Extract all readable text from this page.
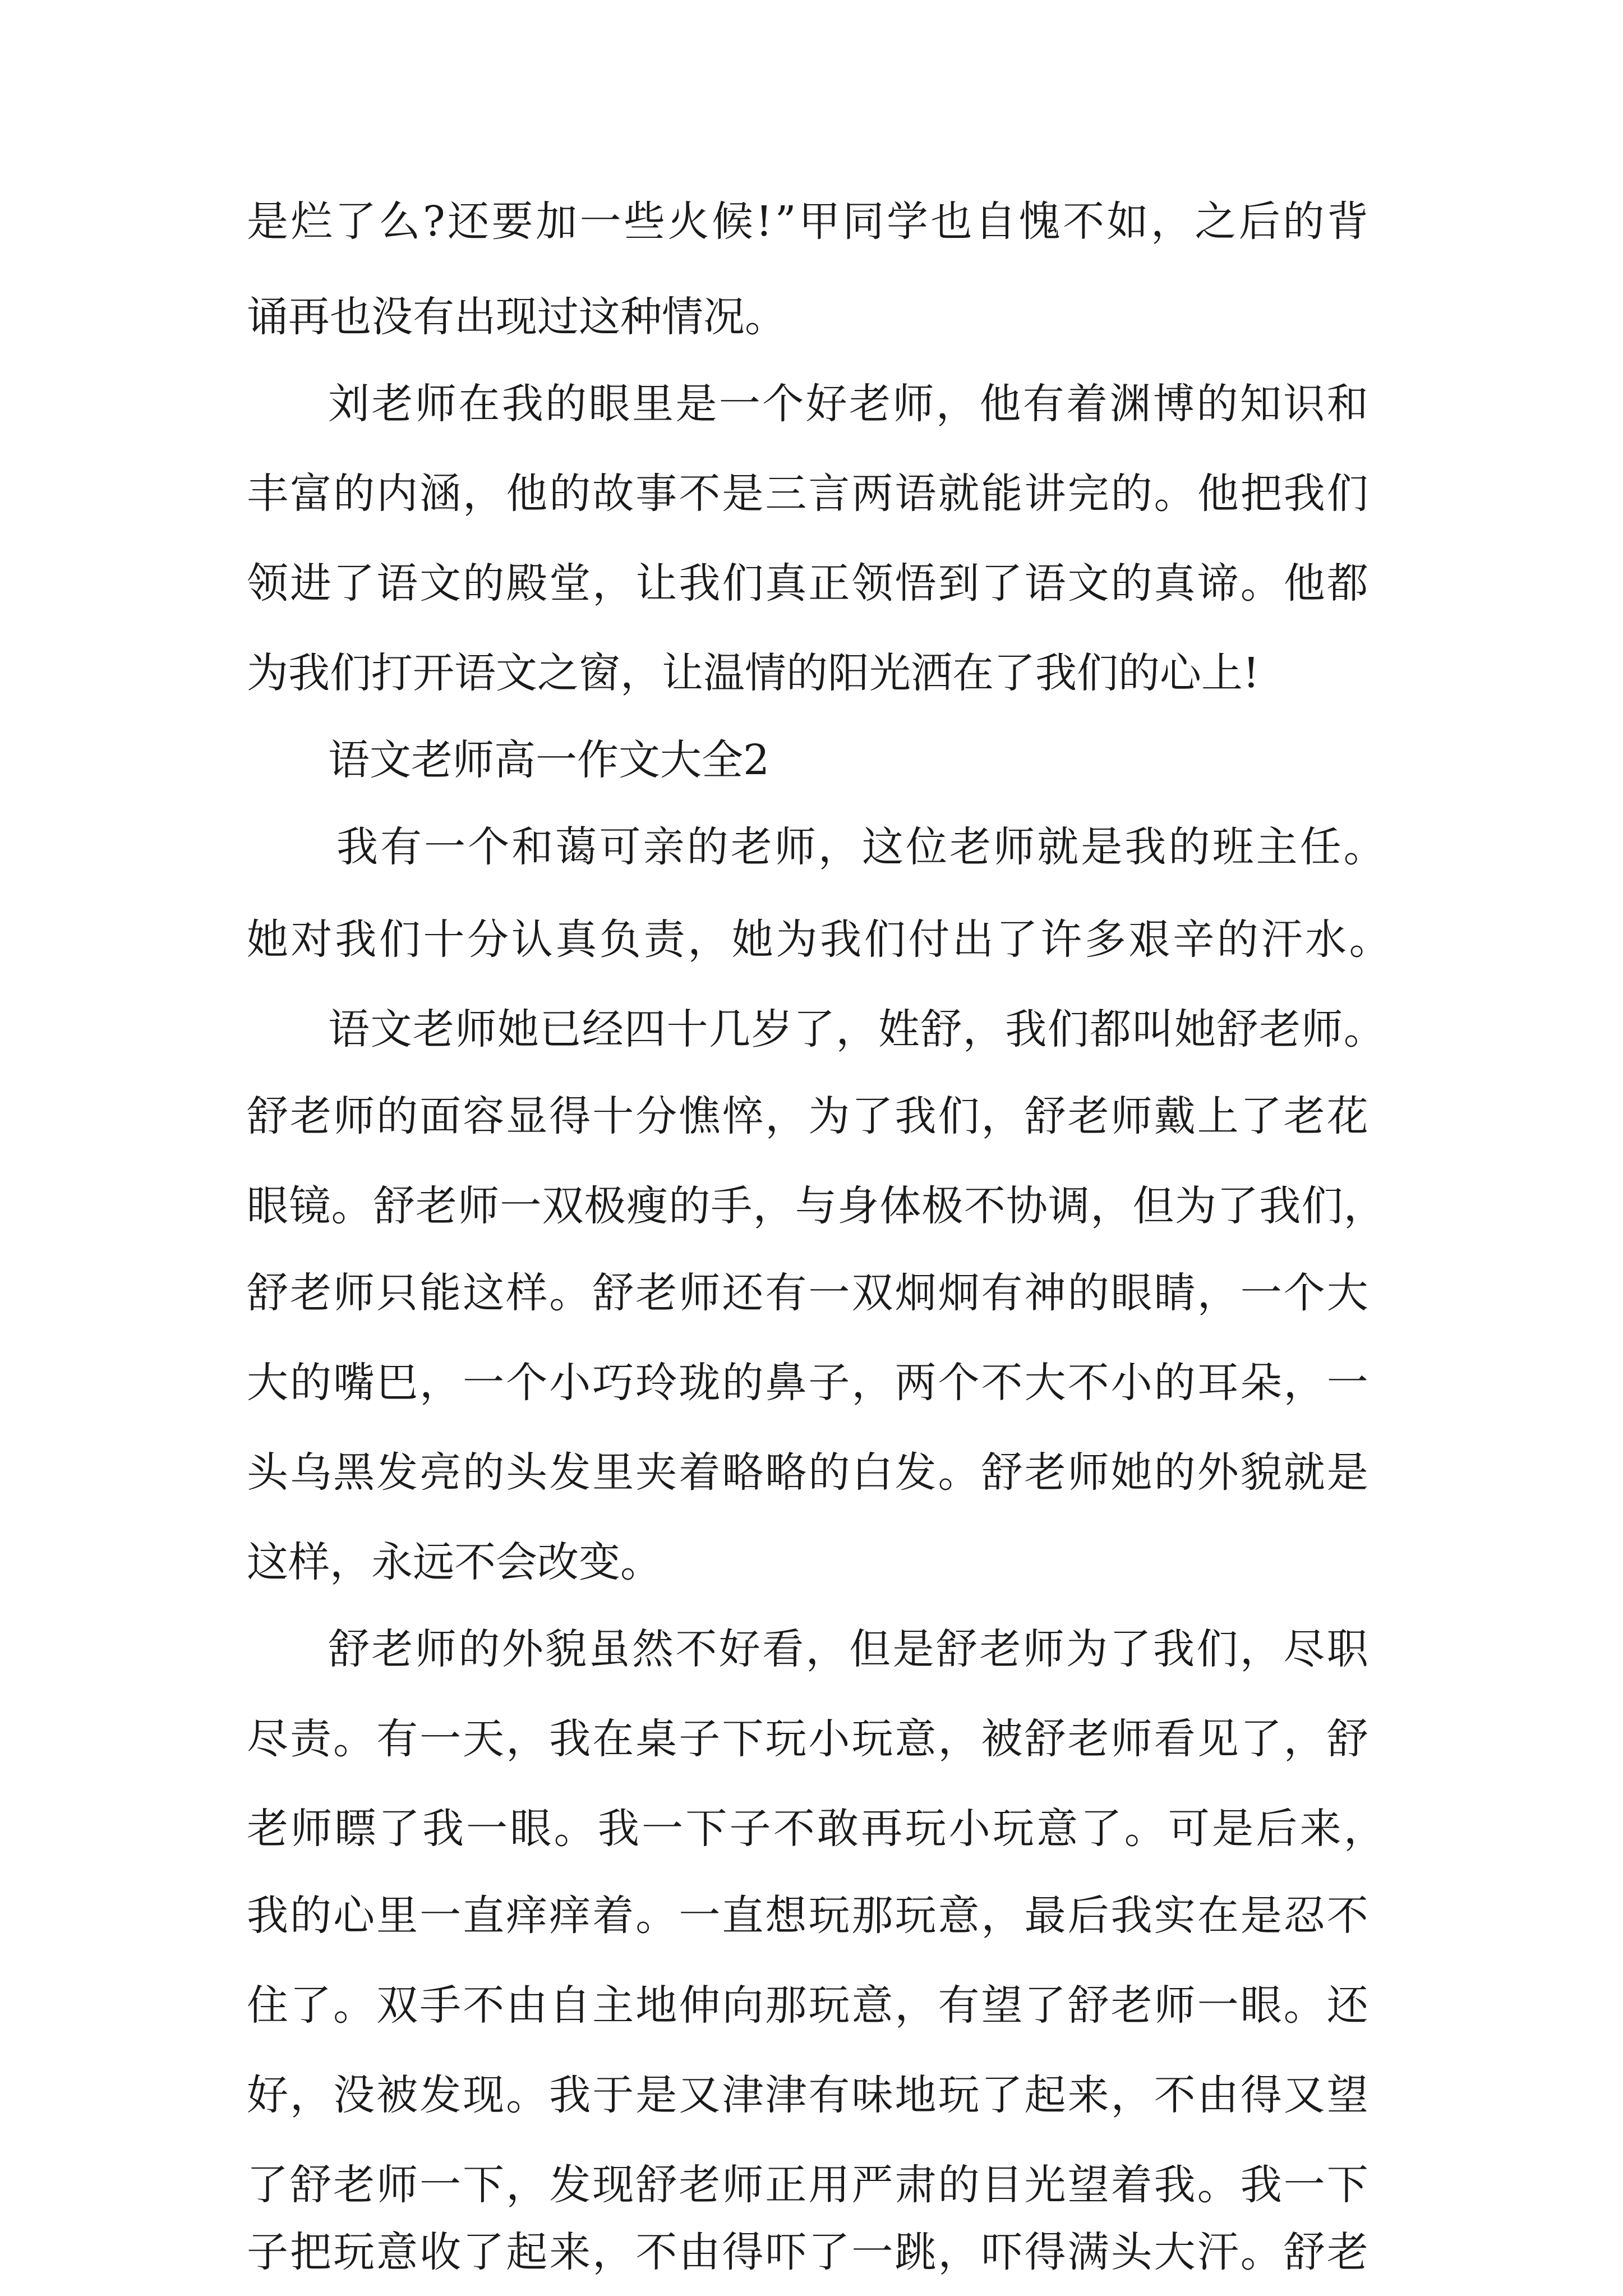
是 烂 了 么 ? 还 要 加 一 些 火 候 ! ” 甲 同 学 也 自 愧 不 如 ， 之 后 的 背
诵再也没有出现过这种情况。
刘 老 师 在 我 的 眼 里 是 一 个 好 老 师 ， 他 有 着 渊 博 的 知 识 和
丰 富 的 内 涵 ， 他 的 故 事 不 是 三 言 两 语 就 能 讲 完 的 。 他 把 我 们
领 进 了 语 文 的 殿 堂 ， 让 我 们 真 正 领 悟 到 了 语 文 的 真 谛 。 他 都
为我们打开语文之窗，让温情的阳光洒在了我们的心上!
语文老师高一作文大全2
我 有 一 个 和 蔼 可 亲 的 老 师 ， 这 位 老 师 就 是 我 的 班 主 任 。
她 对 我 们 十 分 认 真 负 责 ， 她 为 我 们 付 出 了 许 多 艰 辛 的 汗 水 。
语 文 老 师 她 已 经 四 十 几 岁 了 ， 姓 舒 ， 我 们 都 叫 她 舒 老 师 。
舒 老 师 的 面 容 显 得 十 分 憔 悴 ， 为 了 我 们 ， 舒 老 师 戴 上 了 老 花
眼 镜 。 舒 老 师 一 双 极 瘦 的 手 ， 与 身 体 极 不 协 调 ， 但 为 了 我 们 ，
舒 老 师 只 能 这 样 。 舒 老 师 还 有 一 双 炯 炯 有 神 的 眼 睛 ， 一 个 大
大 的 嘴 巴 ， 一 个 小 巧 玲 珑 的 鼻 子 ， 两 个 不 大 不 小 的 耳 朵 ， 一
头 乌 黑 发 亮 的 头 发 里 夹 着 略 略 的 白 发 。 舒 老 师 她 的 外 貌 就 是
这样，永远不会改变。
舒 老 师 的 外 貌 虽 然 不 好 看 ， 但 是 舒 老 师 为 了 我 们 ， 尽 职
尽 责 。 有 一 天 ， 我 在 桌 子 下 玩 小 玩 意 ， 被 舒 老 师 看 见 了 ， 舒
老 师 瞟 了 我 一 眼 。 我 一 下 子 不 敢 再 玩 小 玩 意 了 。 可 是 后 来 ，
我 的 心 里 一 直 痒 痒 着 。 一 直 想 玩 那 玩 意 ， 最 后 我 实 在 是 忍 不
住 了 。 双 手 不 由 自 主 地 伸 向 那 玩 意 ， 有 望 了 舒 老 师 一 眼 。 还
好 ， 没 被 发 现 。 我 于 是 又 津 津 有 味 地 玩 了 起 来 ， 不 由 得 又 望
了 舒 老 师 一 下 ， 发 现 舒 老 师 正 用 严 肃 的 目 光 望 着 我 。 我 一 下
子 把 玩 意 收 了 起 来 ， 不 由 得 吓 了 一 跳 ， 吓 得 满 头 大 汗 。 舒 老
